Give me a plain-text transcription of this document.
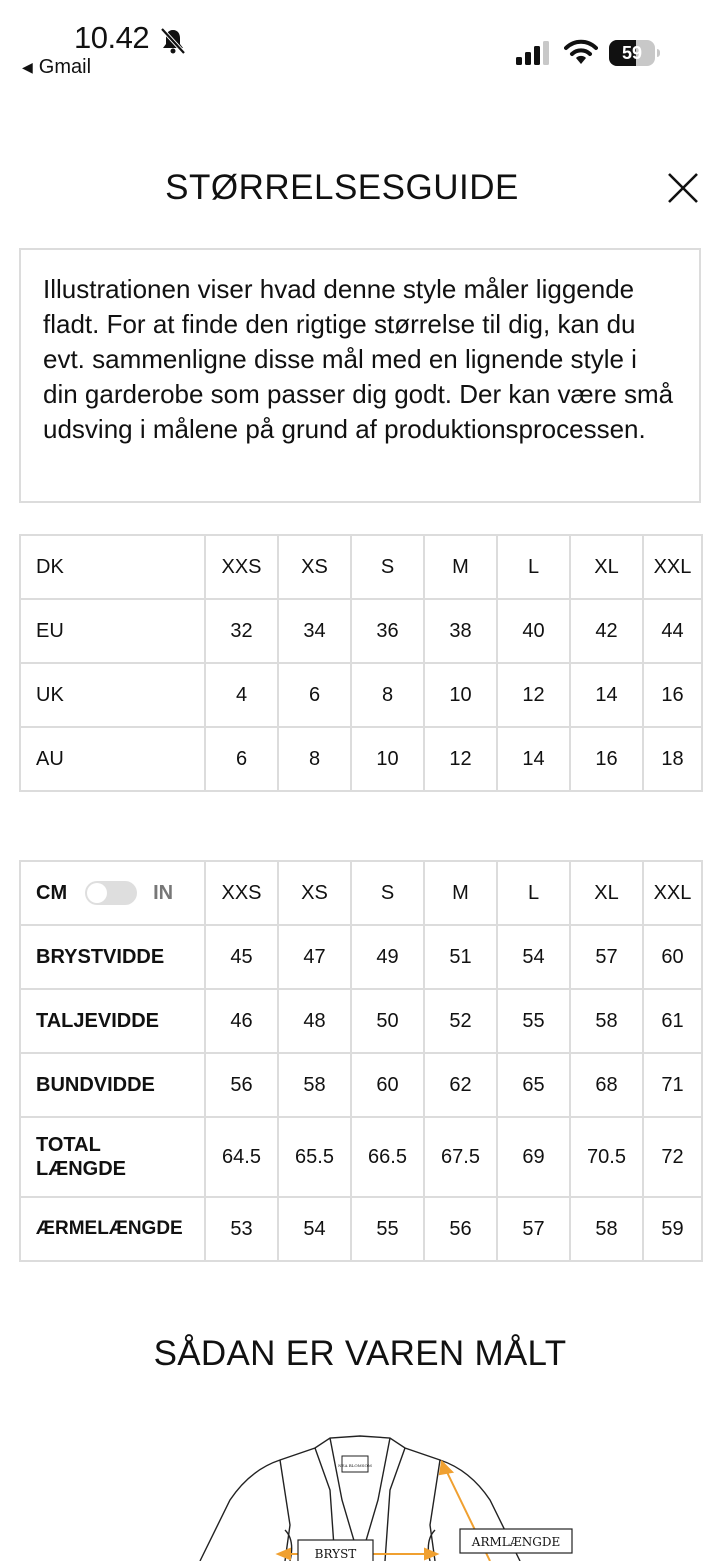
10.42
◀ Gmail
59
STØRRELSESGUIDE
Illustrationen viser hvad denne style måler liggende fladt. For at finde den rigtige størrelse til dig, kan du evt. sammenligne disse mål med en lignende style i din garderobe som passer dig godt. Der kan være små udsving i målene på grund af produktionsprocessen.
DK	XXS	XS	S	M	L	XL	XXL
EU	32	34	36	38	40	42	44
UK	4	6	8	10	12	14	16
AU	6	8	10	12	14	16	18
CM IN	XXS	XS	S	M	L	XL	XXL
BRYSTVIDDE	45	47	49	51	54	57	60
TALJEVIDDE	46	48	50	52	55	58	61
BUNDVIDDE	56	58	60	62	65	68	71

TOTAL
LÆNGDE	64.5	65.5	66.5	67.5	69	70.5	72
ÆRMELÆNGDE	53	54	55	56	57	58	59
SÅDAN ER VAREN MÅLT
NEA BLOMSOM
BRYST
ARMLÆNGDE
